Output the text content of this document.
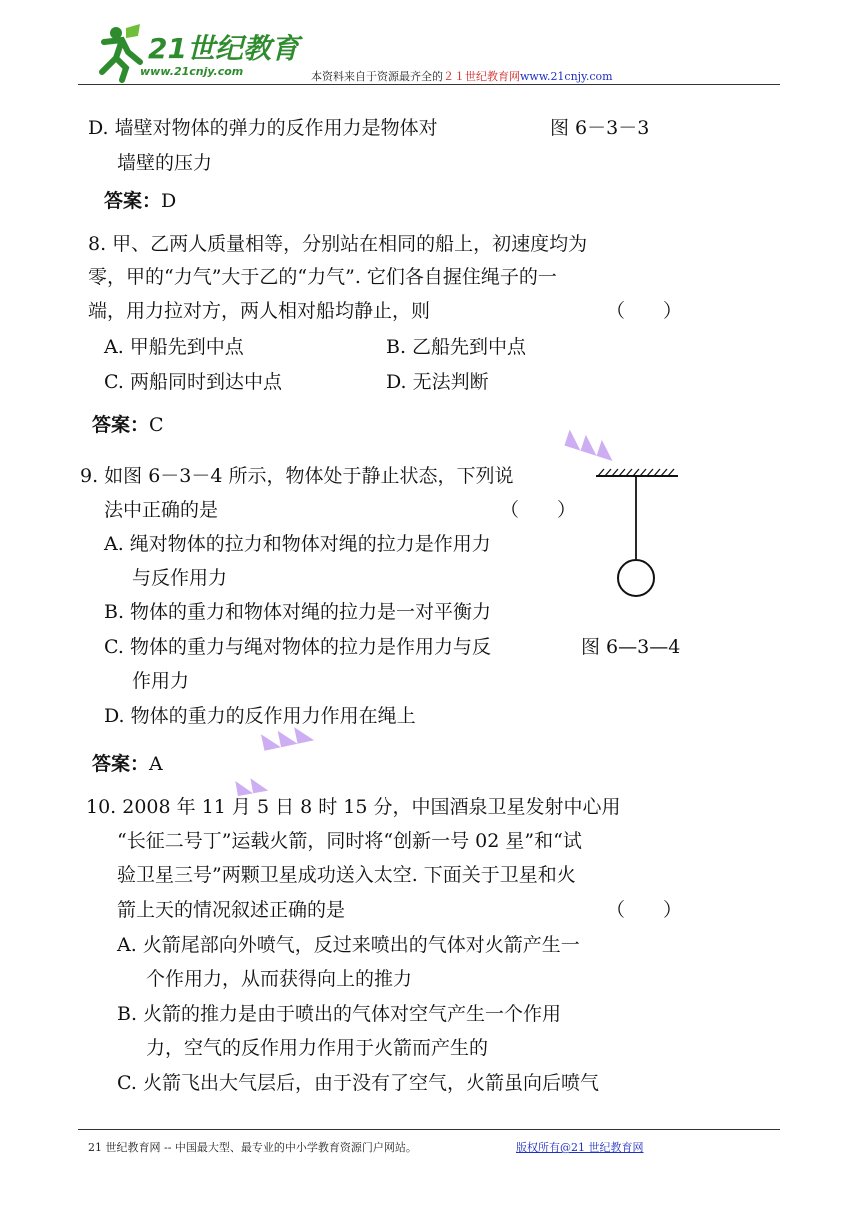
21世纪教育
www.21cnjy.com	本资料来自于资源最齐全的２１世纪教育网www.21cnjy.com
D. 墙壁对物体的弹力的反作用力是物体对	图 6－3－3
墙壁的压力
答案：D
8. 甲、乙两人质量相等，分别站在相同的船上，初速度均为
零，甲的“力气”大于乙的“力气”. 它们各自握住绳子的一
端，用力拉对方，两人相对船均静止，则	（　　）
A. 甲船先到中点	B. 乙船先到中点
C. 两船同时到达中点	D. 无法判断
答案：C	◣◣◣
9. 如图 6－3－4 所示，物体处于静止状态，下列说
法中正确的是	（　　）
A. 绳对物体的拉力和物体对绳的拉力是作用力
与反作用力
B. 物体的重力和物体对绳的拉力是一对平衡力
C. 物体的重力与绳对物体的拉力是作用力与反	图 6—3—4
作用力
D. 物体的重力的反作用力作用在绳上
◣◣◣
答案：A
◣◣
10. 2008 年 11 月 5 日 8 时 15 分，中国酒泉卫星发射中心用
“长征二号丁”运载火箭，同时将“创新一号 02 星”和“试
验卫星三号”两颗卫星成功送入太空. 下面关于卫星和火
箭上天的情况叙述正确的是	（　　）
A. 火箭尾部向外喷气，反过来喷出的气体对火箭产生一
个作用力，从而获得向上的推力
B. 火箭的推力是由于喷出的气体对空气产生一个作用
力，空气的反作用力作用于火箭而产生的
C. 火箭飞出大气层后，由于没有了空气，火箭虽向后喷气
21 世纪教育网 -- 中国最大型、最专业的中小学教育资源门户网站。	版权所有@21 世纪教育网
